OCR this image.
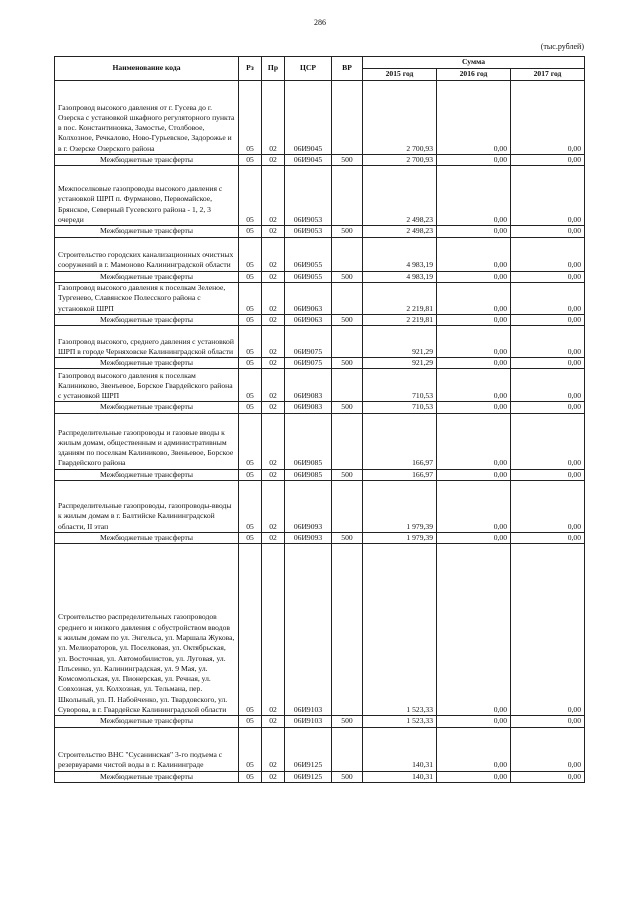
286
(тыс.рублей)
Наименование кода	Рз	Пр	ЦСР	ВР	Сумма		
					2015 год	2016 год	2017 год
Газопровод высокого давления от г. Гусева до г. Озерска с установкой шкафного регуляторного пункта в пос. Константиновка, Замостье, Столбовое, Колхозное, Речкалово, Ново-Гурьевское, Задорожье и в г. Озерске Озерского района	05	02	06И9045		2 700,93	0,00	0,00
Межбюджетные трансферты	05	02	06И9045	500	2 700,93	0,00	0,00
Межпоселковые газопроводы высокого давления с установкой ШРП п. Фурманово, Первомайское, Брянское, Северный Гусевского района - 1, 2, 3 очереди	05	02	06И9053		2 498,23	0,00	0,00
Межбюджетные трансферты	05	02	06И9053	500	2 498,23	0,00	0,00
Строительство городских канализационных очистных сооружений в г. Мамоново Калининградской области	05	02	06И9055		4 983,19	0,00	0,00
Межбюджетные трансферты	05	02	06И9055	500	4 983,19	0,00	0,00
Газопровод высокого давления к поселкам Зеленое, Тургенево, Славянское Полесского района с установкой ШРП	05	02	06И9063		2 219,81	0,00	0,00
Межбюджетные трансферты	05	02	06И9063	500	2 219,81	0,00	0,00
Газопровод высокого, среднего давления с установкой ШРП в городе Черняховске Калининградской области	05	02	06И9075		921,29	0,00	0,00
Межбюджетные трансферты	05	02	06И9075	500	921,29	0,00	0,00
Газопровод высокого давления к поселкам Калиниково, Звенъевое, Борское Гвардейского района с установкой ШРП	05	02	06И9083		710,53	0,00	0,00
Межбюджетные трансферты	05	02	06И9083	500	710,53	0,00	0,00
Распределительные газопроводы и газовые вводы к жилым домам, общественным и административным зданиям по поселкам Калиниково, Звеньевое, Борское Гвардейского района	05	02	06И9085		166,97	0,00	0,00
Межбюджетные трансферты	05	02	06И9085	500	166,97	0,00	0,00
Распределительные газопроводы, газопроводы-вводы к жилым домам в г. Балтийске Калининградской области, II этап	05	02	06И9093		1 979,39	0,00	0,00
Межбюджетные трансферты	05	02	06И9093	500	1 979,39	0,00	0,00
Строительство распределительных газопроводов среднего и низкого давления с обустройством вводов к жилым домам по ул. Энгельса, ул. Маршала Жукова, ул. Мелиораторов, ул. Поселковая, ул. Октябрьская, ул. Восточная, ул. Автомобилистов, ул. Луговая, ул. Плъсенко, ул. Калининградская, ул. 9 Мая, ул. Комсомольская, ул. Пионерская, ул. Речная, ул. Совхозная, ул. Колхозная, ул. Тельмана, пер. Школьный, ул. П. Набойченко, ул. Твардовского, ул. Суворова, в г. Гвардейске Калининградской области	05	02	06И9103		1 523,33	0,00	0,00
Межбюджетные трансферты	05	02	06И9103	500	1 523,33	0,00	0,00
Строительство ВНС "Сусанинская" 3-го подъема с резервуарами чистой воды в г. Калининграде	05	02	06И9125		140,31	0,00	0,00
Межбюджетные трансферты	05	02	06И9125	500	140,31	0,00	0,00
